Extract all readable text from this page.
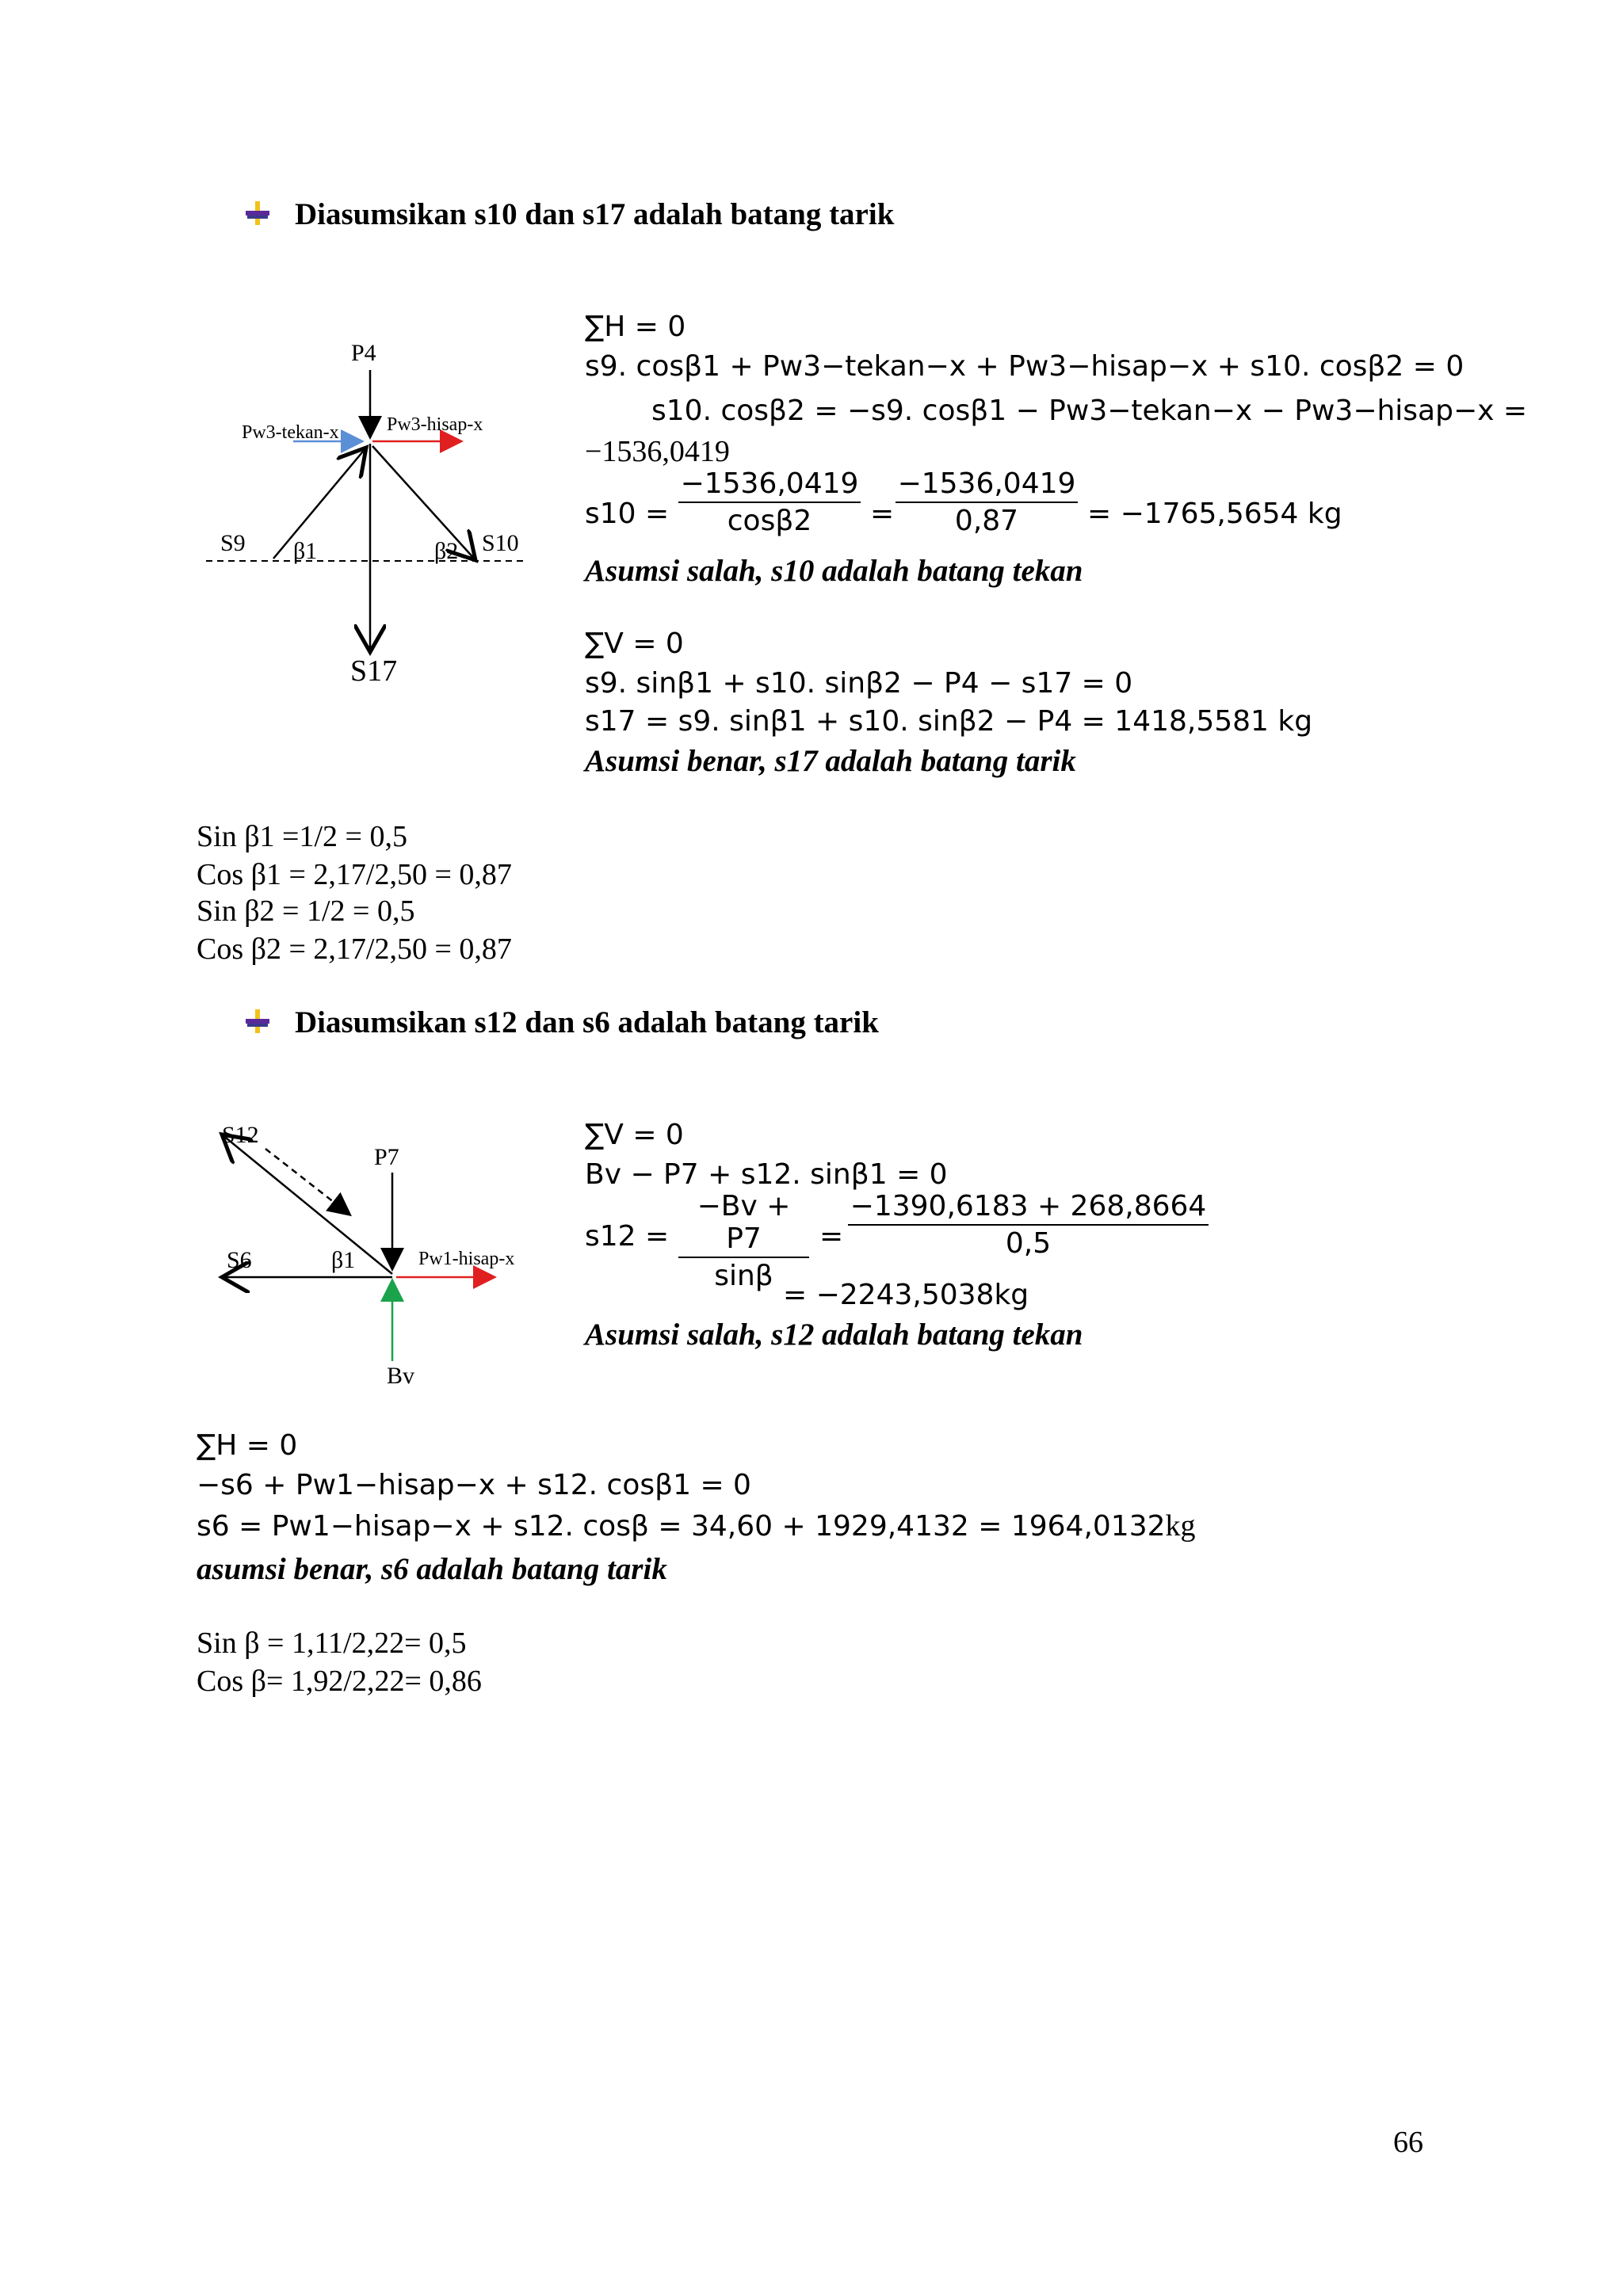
Diasumsikan s10 dan s17 adalah batang tarik
P4
Pw3-tekan-x	Pw3-hisap-x
S9 β1	β2 S10
S17
∑H = 0
s9. cosβ1 + Pw3−tekan−x + Pw3−hisap−x + s10. cosβ2 = 0
s10. cosβ2 = −s9. cosβ1 − Pw3−tekan−x − Pw3−hisap−x =
−1536,0419
s10 =
−1536,0419
cosβ2	=
−1536,0419
0,87	= −1765,5654 kg
Asumsi salah, s10 adalah batang tekan
∑V = 0
s9. sinβ1 + s10. sinβ2 − P4 − s17 = 0
s17 = s9. sinβ1 + s10. sinβ2 − P4 = 1418,5581 kg
Asumsi benar, s17 adalah batang tarik
Sin β1 =1/2 = 0,5
Cos β1 = 2,17/2,50 = 0,87
Sin β2 = 1/2 = 0,5
Cos β2 = 2,17/2,50 = 0,87
Diasumsikan s12 dan s6 adalah batang tarik
S12
P7
S6	β1	Pw1-hisap-x
Bv
∑V = 0
Bv − P7 + s12. sinβ1 = 0
s12 =
−Bv + P7
sinβ
=
−1390,6183 + 268,8664
0,5
= −2243,5038kg
Asumsi salah, s12 adalah batang tekan
∑H = 0
−s6 + Pw1−hisap−x + s12. cosβ1 = 0
s6 = Pw1−hisap−x + s12. cosβ = 34,60 + 1929,4132 = 1964,0132kg
asumsi benar, s6 adalah batang tarik
Sin β = 1,11/2,22= 0,5
Cos β= 1,92/2,22= 0,86
66
